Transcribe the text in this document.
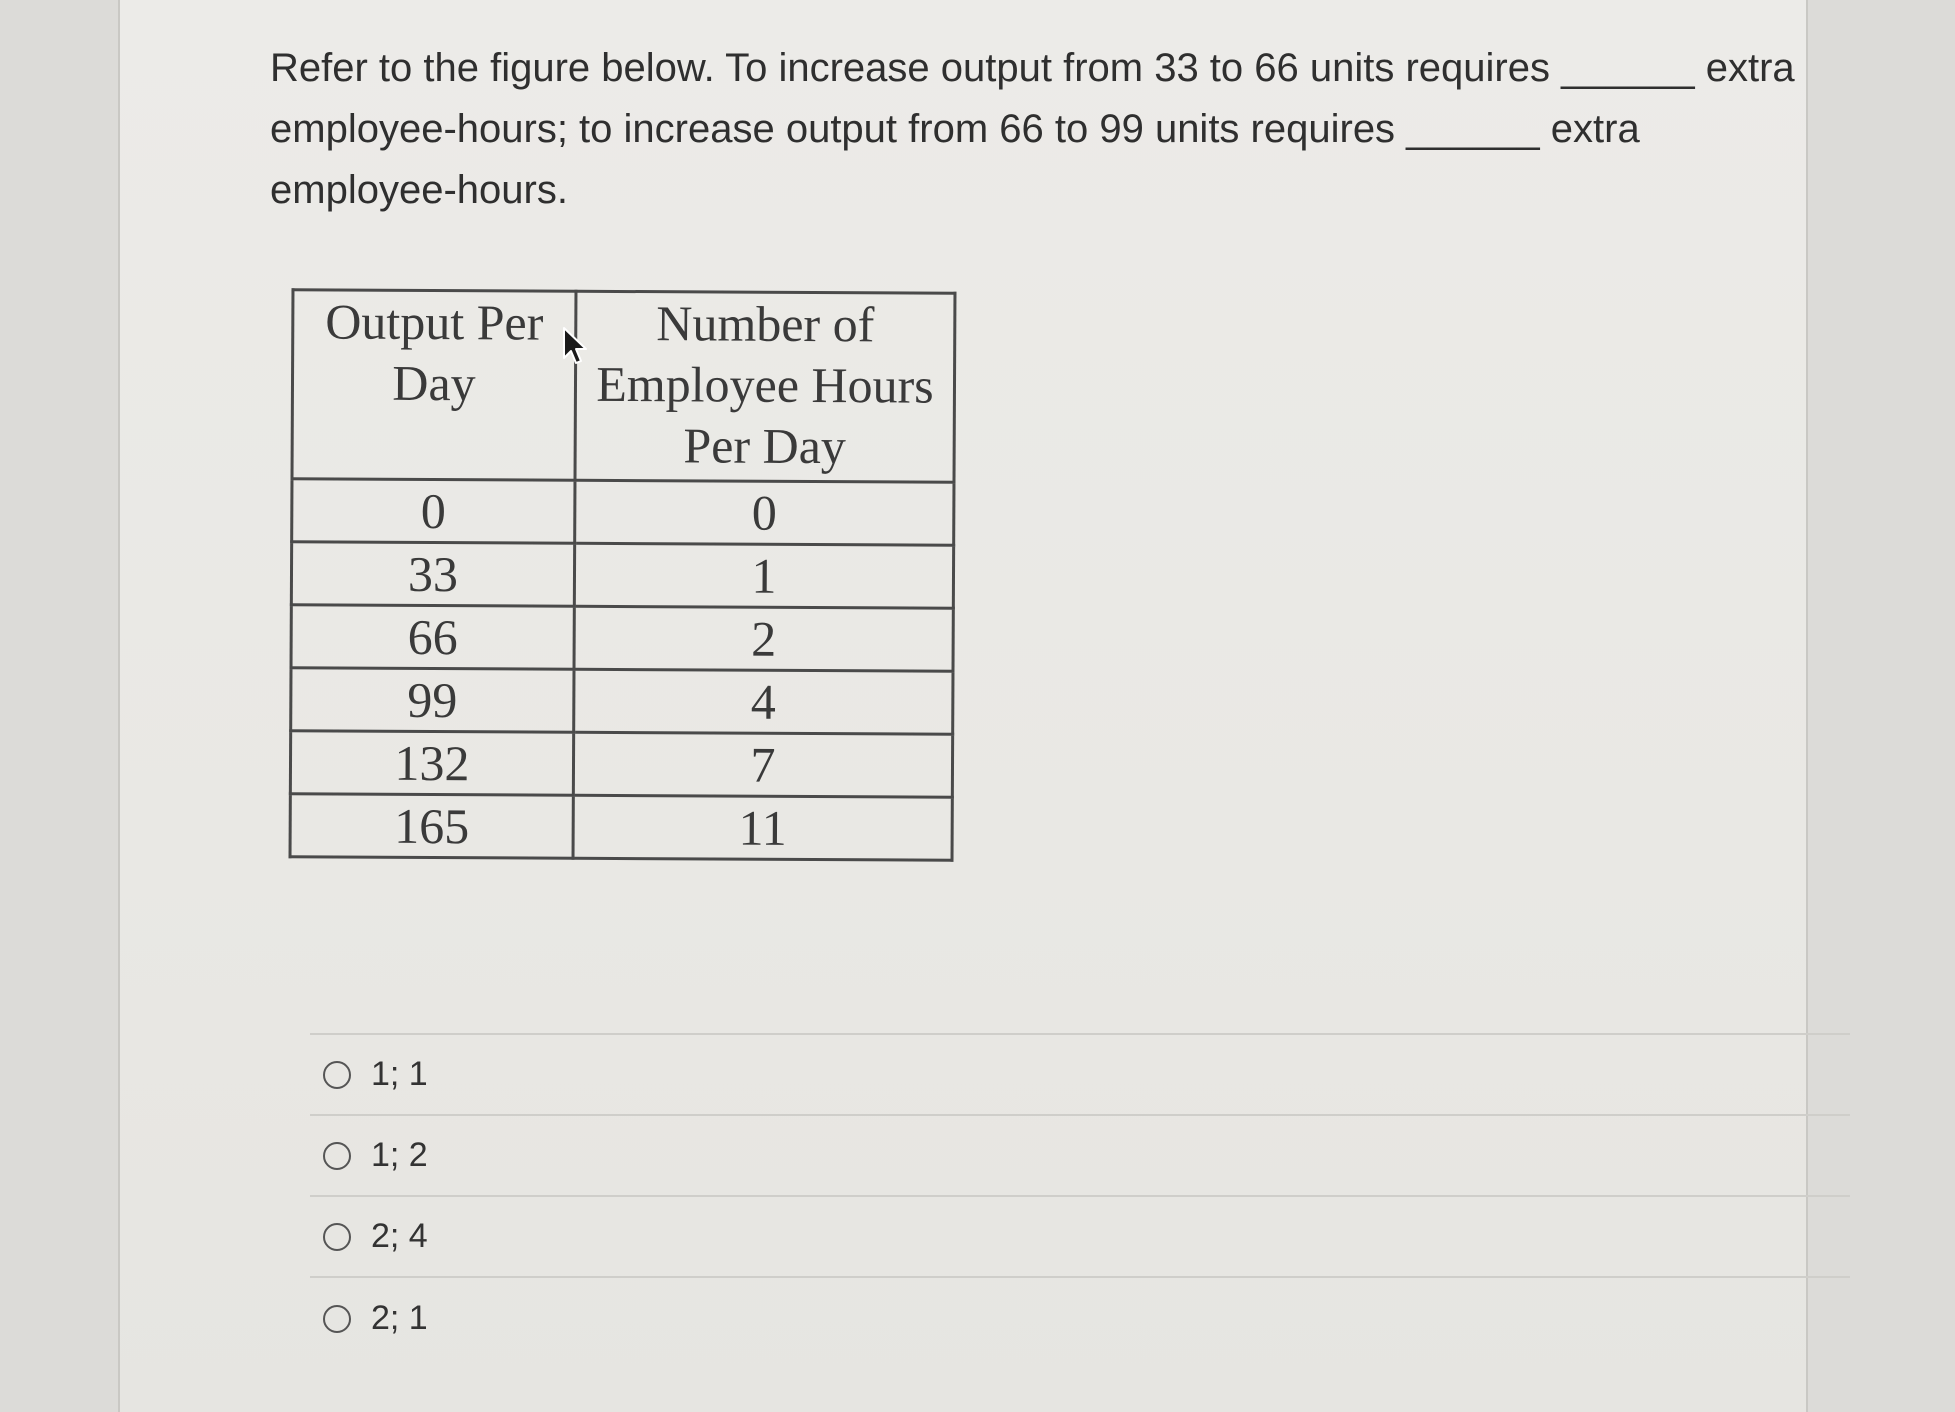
Refer to the figure below. To increase output from 33 to 66 units requires ______ extra employee-hours; to increase output from 66 to 99 units requires ______ extra employee-hours.

Output Per Day	Number of Employee Hours Per Day
0	0
33	1
66	2
99	4
132	7
165	11
1; 1
1; 2
2; 4
2; 1
